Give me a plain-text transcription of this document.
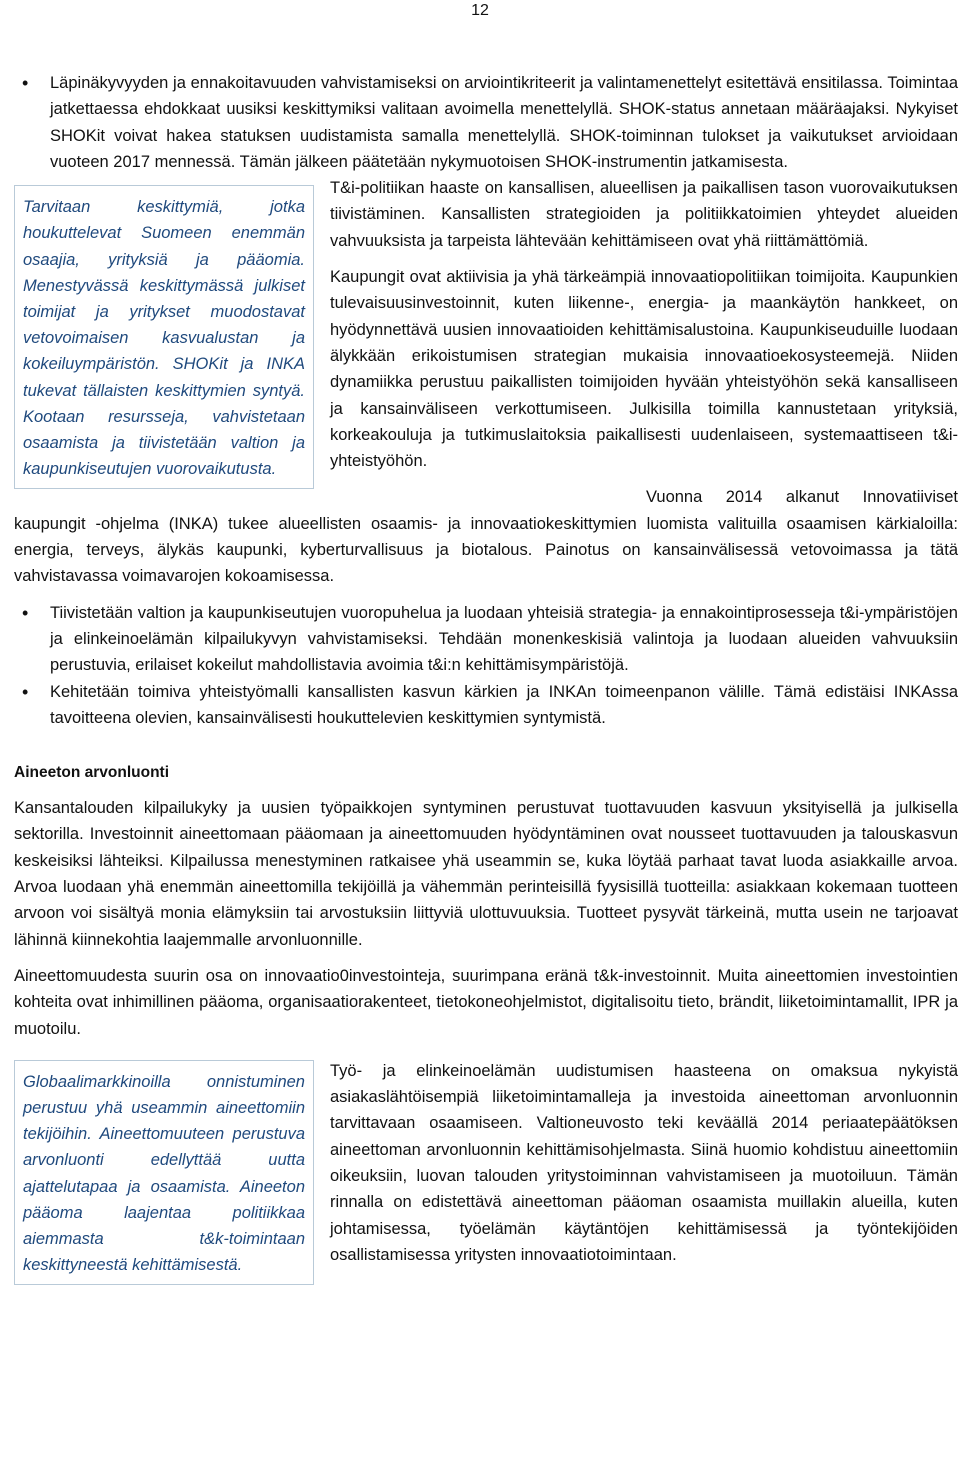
12
• Läpinäkyvyyden ja ennakoitavuuden vahvistamiseksi on arviointikriteerit ja valintamenettelyt esitettävä ensitilassa. Toimintaa jatkettaessa ehdokkaat uusiksi keskittymiksi valitaan avoimella menettelyllä. SHOK-status annetaan määräajaksi. Nykyiset SHOKit voivat hakea statuksen uudistamista samalla menettelyllä. SHOK-toiminnan tulokset ja vaikutukset arvioidaan vuoteen 2017 mennessä. Tämän jälkeen päätetään nykymuotoisen SHOK-instrumentin jatkamisesta.

Tarvitaan keskittymiä, jotka houkuttelevat Suomeen enemmän osaajia, yrityksiä ja pääomia. Menestyvässä keskittymässä julkiset toimijat ja yritykset muodostavat vetovoimaisen kasvualustan ja kokeiluympäristön. SHOKit ja INKA tukevat tällaisten keskittymien syntyä. Kootaan resursseja, vahvistetaan osaamista ja tiivistetään valtion ja kaupunkiseutujen vuorovaikutusta.

T&i-politiikan haaste on kansallisen, alueellisen ja paikallisen tason vuorovaikutuksen tiivistäminen. Kansallisten strategioiden ja politiikkatoimien yhteydet alueiden vahvuuksista ja tarpeista lähtevään kehittämiseen ovat yhä riittämättömiä.

Kaupungit ovat aktiivisia ja yhä tärkeämpiä innovaatiopolitiikan toimijoita. Kaupunkien tulevaisuusinvestoinnit, kuten liikenne-, energia- ja maankäytön hankkeet, on hyödynnettävä uusien innovaatioiden kehittämisalustoina. Kaupunkiseuduille luodaan älykkään erikoistumisen strategian mukaisia innovaatioekosysteemejä. Niiden dynamiikka perustuu paikallisten toimijoiden hyvään yhteistyöhön sekä kansalliseen ja kansainväliseen verkottumiseen. Julkisilla toimilla kannustetaan yrityksiä, korkeakouluja ja tutkimuslaitoksia paikallisesti uudenlaiseen, systemaattiseen t&i-yhteistyöhön.

Vuonna 2014 alkanut Innovatiiviset kaupungit -ohjelma (INKA) tukee alueellisten osaamis- ja innovaatiokeskittymien luomista valituilla osaamisen kärkialoilla: energia, terveys, älykäs kaupunki, kyberturvallisuus ja biotalous. Painotus on kansainvälisessä vetovoimassa ja tätä vahvistavassa voimavarojen kokoamisessa.

• Tiivistetään valtion ja kaupunkiseutujen vuoropuhelua ja luodaan yhteisiä strategia- ja ennakointiprosesseja t&i-ympäristöjen ja elinkeinoelämän kilpailukyvyn vahvistamiseksi. Tehdään monenkeskisiä valintoja ja luodaan alueiden vahvuuksiin perustuvia, erilaiset kokeilut mahdollistavia avoimia t&i:n kehittämisympäristöjä.
• Kehitetään toimiva yhteistyömalli kansallisten kasvun kärkien ja INKAn toimeenpanon välille. Tämä edistäisi INKAssa tavoitteena olevien, kansainvälisesti houkuttelevien keskittymien syntymistä.
Aineeton arvonluonti

Kansantalouden kilpailukyky ja uusien työpaikkojen syntyminen perustuvat tuottavuuden kasvuun yksityisellä ja julkisella sektorilla. Investoinnit aineettomaan pääomaan ja aineettomuuden hyödyntäminen ovat nousseet tuottavuuden ja talouskasvun keskeisiksi lähteiksi. Kilpailussa menestyminen ratkaisee yhä useammin se, kuka löytää parhaat tavat luoda asiakkaille arvoa. Arvoa luodaan yhä enemmän aineettomilla tekijöillä ja vähemmän perinteisillä fyysisillä tuotteilla: asiakkaan kokemaan tuotteen arvoon voi sisältyä monia elämyksiin tai arvostuksiin liittyviä ulottuvuuksia. Tuotteet pysyvät tärkeinä, mutta usein ne tarjoavat lähinnä kiinnekohtia laajemmalle arvonluonnille.

Aineettomuudesta suurin osa on innovaatio0investointeja, suurimpana eränä t&k-investoinnit. Muita aineettomien investointien kohteita ovat inhimillinen pääoma, organisaatiorakenteet, tietokoneohjelmistot, digitalisoitu tieto, brändit, liiketoimintamallit, IPR ja muotoilu.

Globaalimarkkinoilla onnistuminen perustuu yhä useammin aineettomiin tekijöihin. Aineettomuuteen perustuva arvonluonti edellyttää uutta ajattelutapaa ja osaamista. Aineeton pääoma laajentaa politiikkaa aiemmasta t&k-toimintaan keskittyneestä kehittämisestä.

Työ- ja elinkeinoelämän uudistumisen haasteena on omaksua nykyistä asiakaslähtöisempiä liiketoimintamalleja ja investoida aineettoman arvonluonnin tarvittavaan osaamiseen. Valtioneuvosto teki keväällä 2014 periaatepäätöksen aineettoman arvonluonnin kehittämisohjelmasta. Siinä huomio kohdistuu aineettomiin oikeuksiin, luovan talouden yritystoiminnan vahvistamiseen ja muotoiluun. Tämän rinnalla on edistettävä aineettoman pääoman osaamista muillakin alueilla, kuten johtamisessa, työelämän käytäntöjen kehittämisessä ja työntekijöiden osallistamisessa yritysten innovaatiotoimintaan.
